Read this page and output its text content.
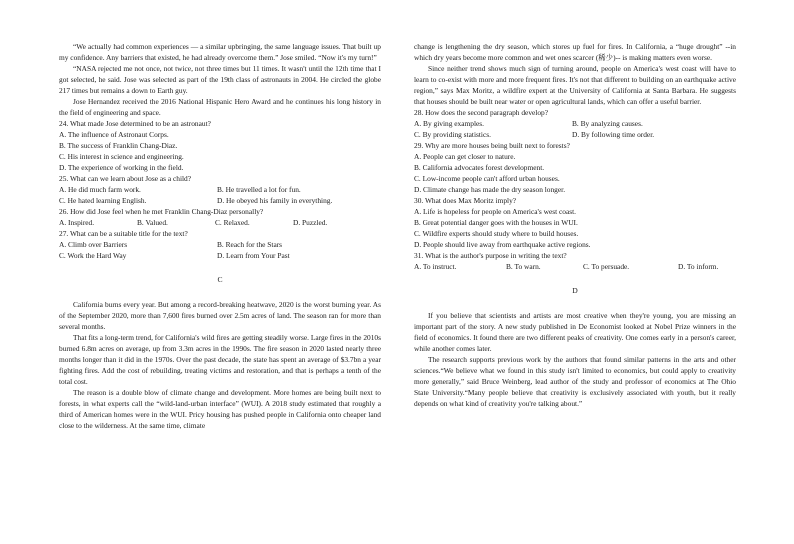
“We actually had common experiences — a similar upbringing, the same language issues. That built up my confidence. Any barriers that existed, he had already overcome them.” Jose smiled. “Now it's my turn!”

“NASA rejected me not once, not twice, not three times but 11 times. It wasn't until the 12th time that I got selected, he said. Jose was selected as part of the 19th class of astronauts in 2004. He circled the globe 217 times but remains a down to Earth guy.

Jose Hernandez received the 2016 National Hispanic Hero Award and he continues his long history in the field of engineering and space.

24. What made Jose determined to be an astronaut?

A. The influence of Astronaut Corps.

B. The success of Franklin Chang-Diaz.

C. His interest in science and engineering.

D. The experience of working in the field.

25. What can we learn about Jose as a child?

A. He did much farm work.	B. He travelled a lot for fun.
C. He hated learning English.	D. He obeyed his family in everything.

26. How did Jose feel when he met Franklin Chang-Diaz personally?

A. Inspired.	B. Valued.	C. Relaxed.	D. Puzzled.

27. What can be a suitable title for the text?

A. Climb over Barriers	B. Reach for the Stars
C. Work the Hard Way	D. Learn from Your Past

C

California burns every year. But among a record-breaking heatwave, 2020 is the worst burning year. As of the September 2020, more than 7,600 fires burned over 2.5m acres of land. The season ran for more than several months.

That fits a long-term trend, for California's wild fires are getting steadily worse. Large fires in the 2010s burned 6.8m acres on average, up from 3.3m acres in the 1990s. The fire season in 2020 lasted nearly three months longer than it did in the 1970s. Over the past decade, the state has spent an average of $3.7bn a year fighting fires. Add the cost of rebuilding, treating victims and restoration, and that is perhaps a tenth of the total cost.

The reason is a double blow of climate change and development. More homes are being built next to forests, in what experts call the “wild-land-urban interface” (WUI). A 2018 study estimated that roughly a third of American homes were in the WUI. Pricy housing has pushed people in California onto cheaper land close to the wilderness. At the same time, climate

change is lengthening the dry season, which stores up fuel for fires. In California, a “huge drought” --in which dry years become more common and wet ones scarcer (稀少)-- is making matters even worse.

Since neither trend shows much sign of turning around, people on America's west coast will have to learn to co-exist with more and more frequent fires. It's not that different to building on an earthquake active region,” says Max Moritz, a wildfire expert at the University of California at Santa Barbara. He suggests that houses should be built near water or open agricultural lands, which can offer a useful barrier.

28. How does the second paragraph develop?

A. By giving examples.	B. By analyzing causes.
C. By providing statistics.	D. By following time order.

29. Why are more houses being built next to forests?

A. People can get closer to nature.

B. California advocates forest development.

C. Low-income people can't afford urban houses.

D. Climate change has made the dry season longer.

30. What does Max Moritz imply?

A. Life is hopeless for people on America's west coast.

B. Great potential danger goes with the houses in WUI.

C. Wildfire experts should study where to build houses.

D. People should live away from earthquake active regions.

31. What is the author's purpose in writing the text?

A. To instruct.	B. To warn.	C. To persuade.	D. To inform.

D

If you believe that scientists and artists are most creative when they're young, you are missing an important part of the story. A new study published in De Economist looked at Nobel Prize winners in the field of economics. It found there are two different peaks of creativity. One comes early in a person's career, while another comes later.

The research supports previous work by the authors that found similar patterns in the arts and other sciences.“We believe what we found in this study isn't limited to economics, but could apply to creativity more generally,” said Bruce Weinberg, lead author of the study and professor of economics at The Ohio State University.“Many people believe that creativity is exclusively associated with youth, but it really depends on what kind of creativity you're talking about.”
